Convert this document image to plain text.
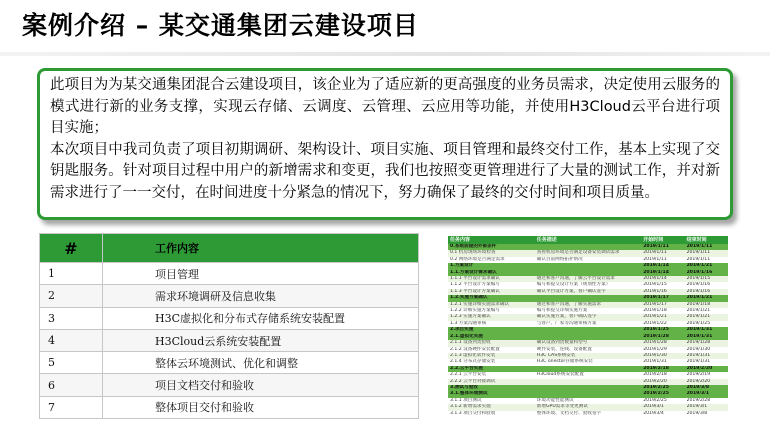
案例介绍 – 某交通集团云建设项目

此项目为为某交通集团混合云建设项目，该企业为了适应新的更高强度的业务员需求，决定使用云服务的模式进行新的业务支撑，实现云存储、云调度、云管理、云应用等功能，并使用H3Cloud云平台进行项目实施；

本次项目中我司负责了项目初期调研、架构设计、项目实施、项目管理和最终交付工作，基本上实现了交钥匙服务。针对项目过程中用户的新增需求和变更，我们也按照变更管理进行了大量的测试工作，并对新需求进行了一一交付，在时间进度十分紧急的情况下，努力确保了最终的交付时间和项目质量。

#	工作内容
1	项目管理
2	需求环境调研及信息收集
3	H3C虚拟化和分布式存储系统安装配置
4	H3Cloud云系统安装配置
5	整体云环境测试、优化和调整
6	项目文档交付和验收
7	整体项目交付和验收
任务内容	任务描述	开始时间	结束时间
0.系统前提的外部条件		2019/1/11	2019/1/11
0.1 机房现场环境检查	查看机房环境是否满足设备安装调试需求	2019/1/11	2019/1/11
0.2 网络环境是否满足需求	确认目前网络拓扑情况	2019/1/11	2019/1/11
1.方案设计		2019/1/14	2019/1/21
1.1.方案设计需求确认		2019/1/14	2019/1/16
1.1.1 平台设计需求确认	通过和客户沟通，了解云平台设计需求	2019/1/14	2019/1/15
1.1.2 平台设计方案编写	编写和提交设计方案（规划性方案）	2019/1/15	2019/1/16
1.1.3 平台设计方案确认	确认平台设计方案，客户确认签字	2019/1/16	2019/1/16
1.2.实施方案确认		2019/1/17	2019/1/21
1.2.1 实施详细实施需求确认	通过和客户沟通，了解实施需求	2019/1/17	2019/1/18
1.2.2 详细实施方案编写	编写和提交详细实施方案	2019/1/18	2019/1/21
1.2.3 实施方案确认	确认实施方案，客户确认签字	2019/1/21	2019/1/21
1.3 方案沟通审核	与客户、厂家等沟通审核方案	2019/1/22	2019/1/25
2.项目实施		2019/1/25	2019/1/31
2.1.虚拟化实施		2019/1/28	2019/1/31
2.1.1 设备到货验收	确认设备到货数量和型号	2019/1/28	2019/1/28
2.1.2 设备硬件安装配置	硬件安装、连线、设备配置	2019/1/29	2019/1/30
2.1.3 虚拟化软件安装	H3C CAS系统安装	2019/1/30	2019/1/31
2.1.4 分布式存储安装	H3C onestor存储系统安装	2019/1/31	2019/1/31
2.2.云平台实施		2019/2/18	2019/2/20
2.2.1 云平台安装	H3Cloud系统安装配置	2019/2/18	2019/2/19
2.2.2 云平台对接调试		2019/2/20	2019/2/20
3.测试与验收		2019/2/25	2019/3/8
3.1.整体环境测试		2019/2/25	2019/3/1
3.1.1 项目测试	环境功能性能测试	2019/2/25	2019/2/28
3.1.2 新增需求实施	新增GPU需求等变更测试	2019/3/1	2019/3/1
3.1.3 项目交付和验收	整体环境、文档交付、验收签字	2019/3/4	2019/3/8
